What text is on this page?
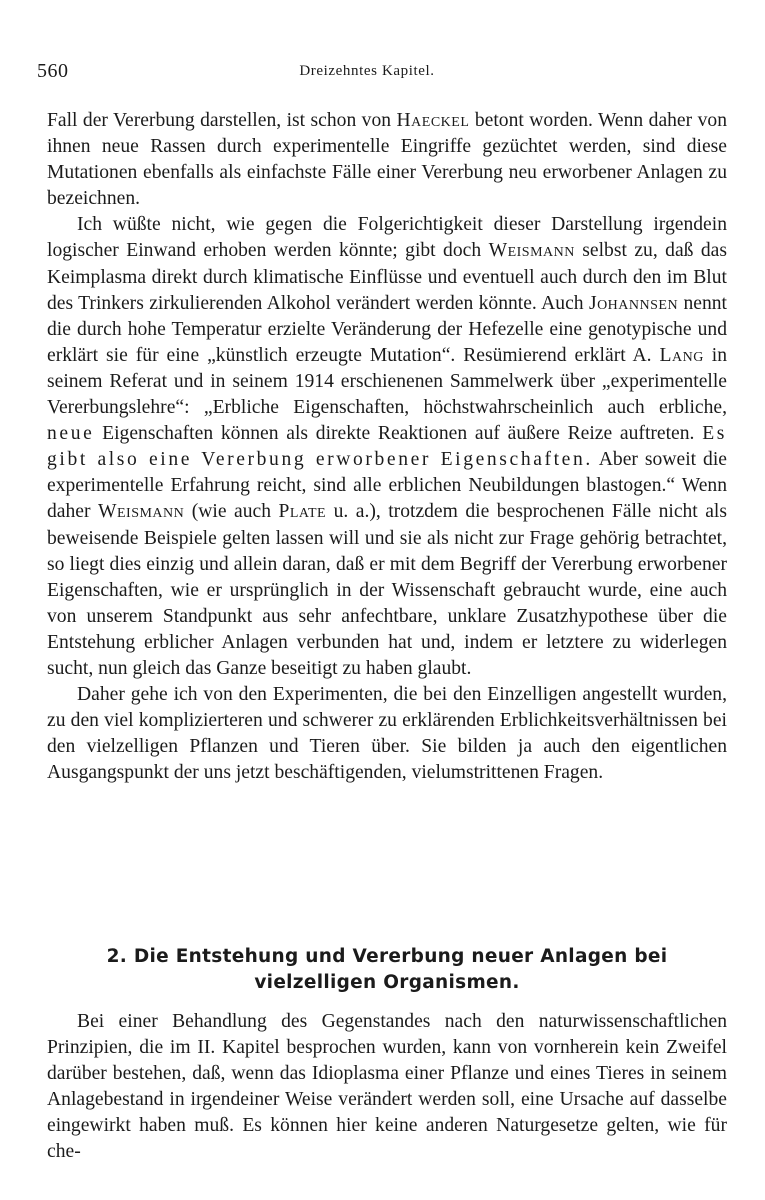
560	Dreizehntes Kapitel.

Fall der Vererbung darstellen, ist schon von Haeckel betont worden. Wenn daher von ihnen neue Rassen durch experimentelle Eingriffe gezüchtet werden, sind diese Mutationen ebenfalls als einfachste Fälle einer Vererbung neu erworbener Anlagen zu bezeichnen.

Ich wüßte nicht, wie gegen die Folgerichtigkeit dieser Darstellung irgendein logischer Einwand erhoben werden könnte; gibt doch Weismann selbst zu, daß das Keimplasma direkt durch klimatische Einflüsse und eventuell auch durch den im Blut des Trinkers zirkulierenden Alkohol verändert werden könnte. Auch Johannsen nennt die durch hohe Temperatur erzielte Veränderung der Hefezelle eine genotypische und erklärt sie für eine „künstlich erzeugte Mutation“. Resümierend erklärt A. Lang in seinem Referat und in seinem 1914 erschienenen Sammelwerk über „experimentelle Vererbungslehre“: „Erbliche Eigenschaften, höchstwahrscheinlich auch erbliche, neue Eigenschaften können als direkte Reaktionen auf äußere Reize auftreten. Es gibt also eine Vererbung erworbener Eigenschaften. Aber soweit die experimentelle Erfahrung reicht, sind alle erblichen Neubildungen blastogen.“ Wenn daher Weismann (wie auch Plate u. a.), trotzdem die besprochenen Fälle nicht als beweisende Beispiele gelten lassen will und sie als nicht zur Frage gehörig betrachtet, so liegt dies einzig und allein daran, daß er mit dem Begriff der Vererbung erworbener Eigenschaften, wie er ursprünglich in der Wissenschaft gebraucht wurde, eine auch von unserem Standpunkt aus sehr anfechtbare, unklare Zusatzhypothese über die Entstehung erblicher Anlagen verbunden hat und, indem er letztere zu widerlegen sucht, nun gleich das Ganze beseitigt zu haben glaubt.

Daher gehe ich von den Experimenten, die bei den Einzelligen angestellt wurden, zu den viel komplizierteren und schwerer zu erklärenden Erblichkeitsverhältnissen bei den vielzelligen Pflanzen und Tieren über. Sie bilden ja auch den eigentlichen Ausgangspunkt der uns jetzt beschäftigenden, vielumstrittenen Fragen.

2. Die Entstehung und Vererbung neuer Anlagen bei
vielzelligen Organismen.

Bei einer Behandlung des Gegenstandes nach den naturwissenschaftlichen Prinzipien, die im II. Kapitel besprochen wurden, kann von vornherein kein Zweifel darüber bestehen, daß, wenn das Idioplasma einer Pflanze und eines Tieres in seinem Anlagebestand in irgendeiner Weise verändert werden soll, eine Ursache auf dasselbe eingewirkt haben muß. Es können hier keine anderen Naturgesetze gelten, wie für che-
